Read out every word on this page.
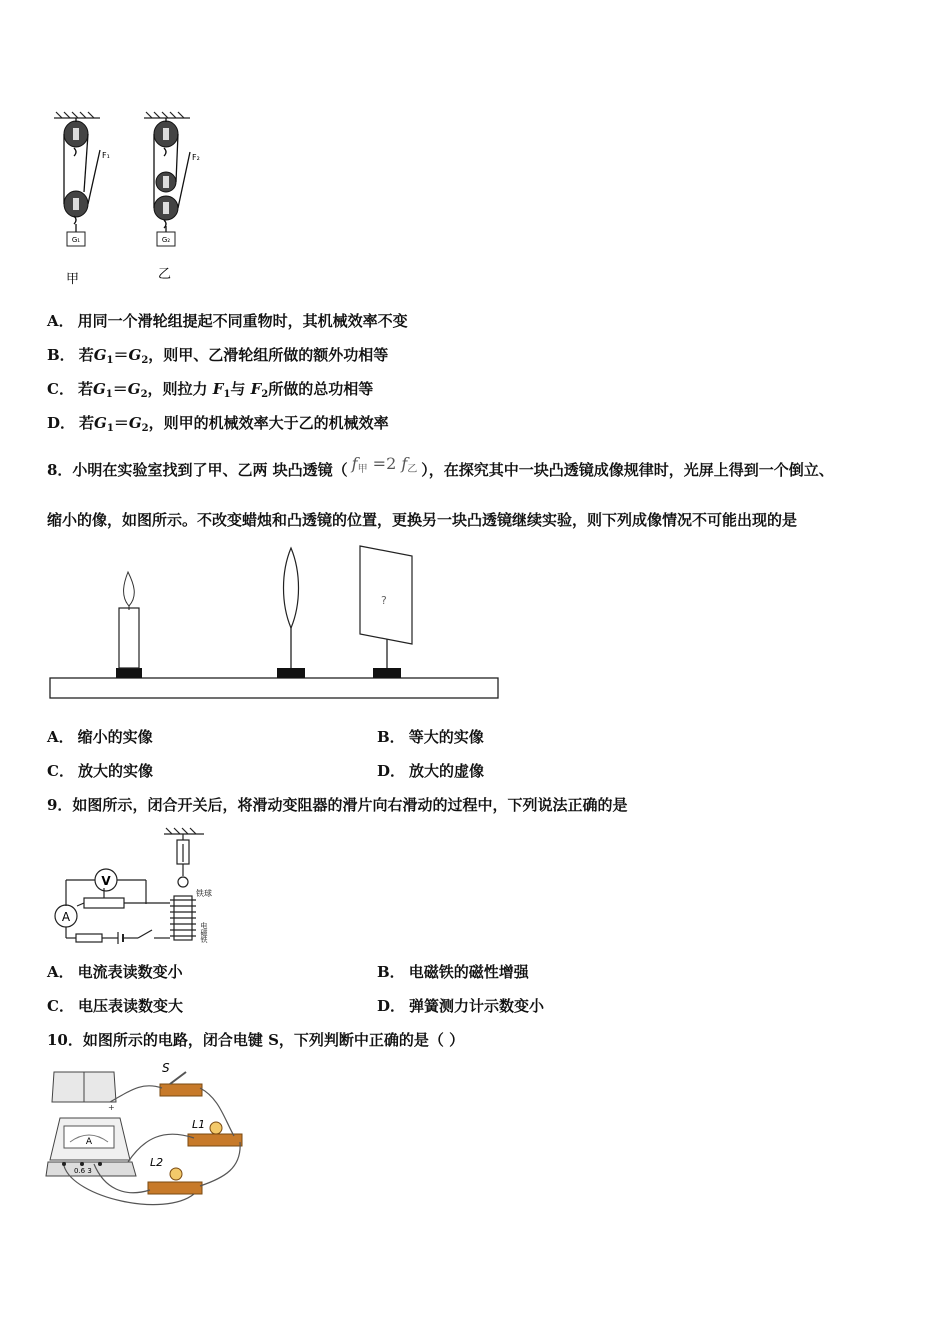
G₁
F₁
G₂
F₂
甲	乙
A． 用同一个滑轮组提起不同重物时，其机械效率不变
B． 若$G_1=G_2$，则甲、乙滑轮组所做的额外功相等
C． 若$G_1=G_2$，则拉力 $F_1$与 $F_2$所做的总功相等
D． 若$G_1=G_2$，则甲的机械效率大于乙的机械效率
8．小明在实验室找到了甲、乙两 块凸透镜（ $f_甲 =2$ $f_乙$ ），在探究其中一块凸透镜成像规律时，光屏上得到一个倒立、
缩小的像，如图所示。不改变蜡烛和凸透镜的位置，更换另一块凸透镜继续实验，则下列成像情况不可能出现的是
?
A． 缩小的实像	B． 等大的实像
C． 放大的实像	D． 放大的虚像
9．如图所示，闭合开关后，将滑动变阻器的滑片向右滑动的过程中，下列说法正确的是
V
A
铁球
电磁铁
A． 电流表读数变小	B． 电磁铁的磁性增强
C． 电压表读数变大	D． 弹簧测力计示数变小
10．如图所示的电路，闭合电键 S，下列判断中正确的是（ ）
+
A
0.6 3
S
L1
L2
